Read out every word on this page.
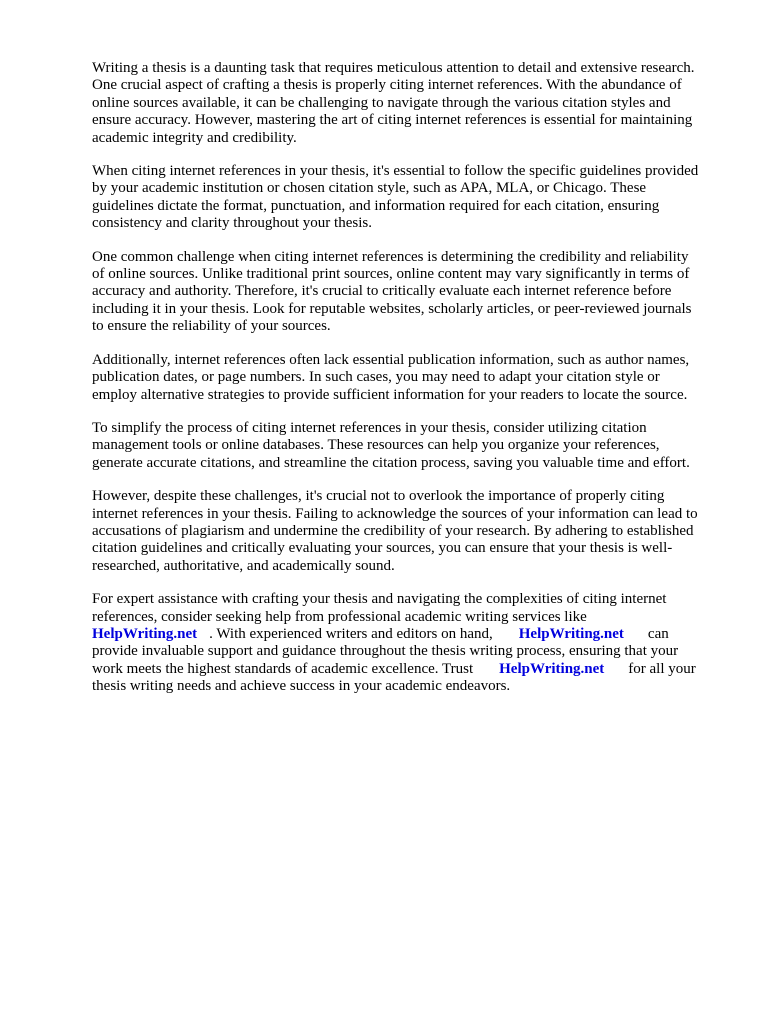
Writing a thesis is a daunting task that requires meticulous attention to detail and extensive research.
One crucial aspect of crafting a thesis is properly citing internet references. With the abundance of
online sources available, it can be challenging to navigate through the various citation styles and
ensure accuracy. However, mastering the art of citing internet references is essential for maintaining
academic integrity and credibility.
When citing internet references in your thesis, it's essential to follow the specific guidelines provided
by your academic institution or chosen citation style, such as APA, MLA, or Chicago. These
guidelines dictate the format, punctuation, and information required for each citation, ensuring
consistency and clarity throughout your thesis.
One common challenge when citing internet references is determining the credibility and reliability
of online sources. Unlike traditional print sources, online content may vary significantly in terms of
accuracy and authority. Therefore, it's crucial to critically evaluate each internet reference before
including it in your thesis. Look for reputable websites, scholarly articles, or peer-reviewed journals
to ensure the reliability of your sources.
Additionally, internet references often lack essential publication information, such as author names,
publication dates, or page numbers. In such cases, you may need to adapt your citation style or
employ alternative strategies to provide sufficient information for your readers to locate the source.
To simplify the process of citing internet references in your thesis, consider utilizing citation
management tools or online databases. These resources can help you organize your references,
generate accurate citations, and streamline the citation process, saving you valuable time and effort.
However, despite these challenges, it's crucial not to overlook the importance of properly citing
internet references in your thesis. Failing to acknowledge the sources of your information can lead to
accusations of plagiarism and undermine the credibility of your research. By adhering to established
citation guidelines and critically evaluating your sources, you can ensure that your thesis is well-
researched, authoritative, and academically sound.
For expert assistance with crafting your thesis and navigating the complexities of citing internet
references, consider seeking help from professional academic writing services like
HelpWriting.net . With experienced writers and editors on hand, HelpWriting.net can
provide invaluable support and guidance throughout the thesis writing process, ensuring that your
work meets the highest standards of academic excellence. Trust HelpWriting.net for all your
thesis writing needs and achieve success in your academic endeavors.
